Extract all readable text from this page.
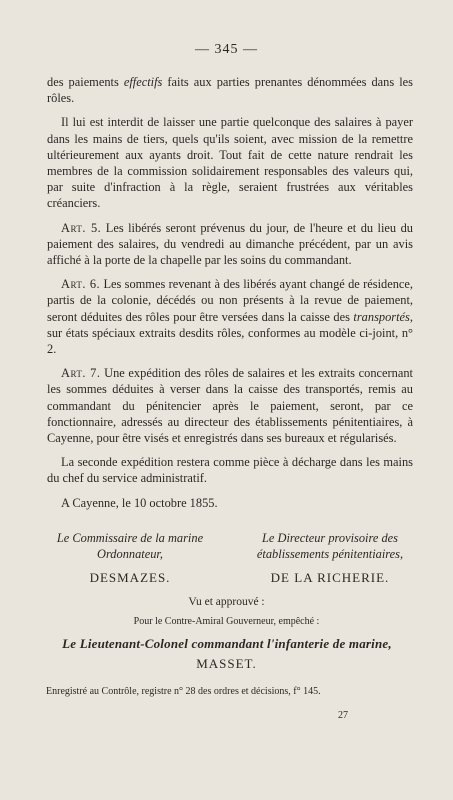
— 345 —

des paiements effectifs faits aux parties prenantes dénommées dans les rôles.

Il lui est interdit de laisser une partie quelconque des salaires à payer dans les mains de tiers, quels qu'ils soient, avec mission de la remettre ultérieurement aux ayants droit. Tout fait de cette nature rendrait les membres de la commission solidairement responsables des valeurs qui, par suite d'infraction à la règle, seraient frustrées aux véritables créanciers.

Art. 5. Les libérés seront prévenus du jour, de l'heure et du lieu du paiement des salaires, du vendredi au dimanche précédent, par un avis affiché à la porte de la chapelle par les soins du commandant.

Art. 6. Les sommes revenant à des libérés ayant changé de résidence, partis de la colonie, décédés ou non présents à la revue de paiement, seront déduites des rôles pour être versées dans la caisse des transportés, sur états spéciaux extraits desdits rôles, conformes au modèle ci-joint, n° 2.

Art. 7. Une expédition des rôles de salaires et les extraits concernant les sommes déduites à verser dans la caisse des transportés, remis au commandant du pénitencier après le paiement, seront, par ce fonctionnaire, adressés au directeur des établissements pénitentiaires, à Cayenne, pour être visés et enregistrés dans ses bureaux et régularisés.

La seconde expédition restera comme pièce à décharge dans les mains du chef du service administratif.

A Cayenne, le 10 octobre 1855.

Le Commissaire de la marine Ordonnateur,
DESMAZES.
Le Directeur provisoire des établissements pénitentiaires,
DE LA RICHERIE.
Vu et approuvé :
Pour le Contre-Amiral Gouverneur, empêché :
Le Lieutenant-Colonel commandant l'infanterie de marine,
MASSET.
Enregistré au Contrôle, registre n° 28 des ordres et décisions, f° 145.
27
